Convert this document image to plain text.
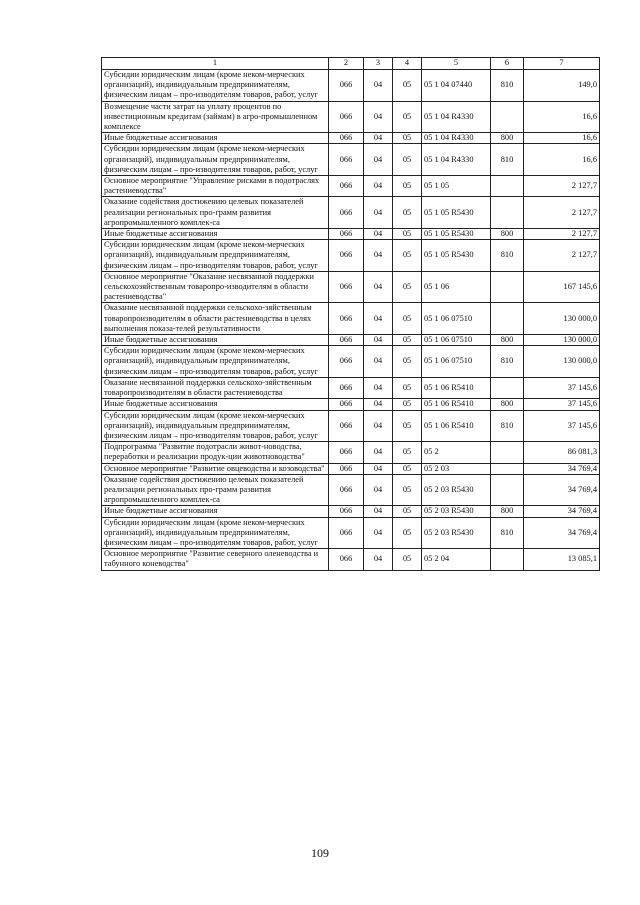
1	2	3	4	5	6	7
Субсидии юридическим лицам (кроме неком-мерческих организаций), индивидуальным предпринимателям, физическим лицам – про-изводителям товаров, работ, услуг	066	04	05	05 1 04 07440	810	149,0
Возмещение части затрат на уплату процентов по инвестиционным кредитам (займам) в агро-промышленном комплексе	066	04	05	05 1 04 R4330		16,6
Иные бюджетные ассигнования	066	04	05	05 1 04 R4330	800	16,6
Субсидии юридическим лицам (кроме неком-мерческих организаций), индивидуальным предпринимателям, физическим лицам – про-изводителям товаров, работ, услуг	066	04	05	05 1 04 R4330	810	16,6
Основное мероприятие "Управление рисками в подотраслях растениеводства"	066	04	05	05 1 05		2 127,7
Оказание содействия достижению целевых показателей реализации региональных про-грамм развития агропромышленного комплек-са	066	04	05	05 1 05 R5430		2 127,7
Иные бюджетные ассигнования	066	04	05	05 1 05 R5430	800	2 127,7
Субсидии юридическим лицам (кроме неком-мерческих организаций), индивидуальным предпринимателям, физическим лицам – про-изводителям товаров, работ, услуг	066	04	05	05 1 05 R5430	810	2 127,7
Основное мероприятие "Оказание несвязанной поддержки сельскохозяйственным товаропро-изводителям в области растениеводства"	066	04	05	05 1 06		167 145,6
Оказание несвязанной поддержки сельскохо-зяйственным товаропроизводителям в области растениеводства в целях выполнения показа-телей результативности	066	04	05	05 1 06 07510		130 000,0
Иные бюджетные ассигнования	066	04	05	05 1 06 07510	800	130 000,0
Субсидии юридическим лицам (кроме неком-мерческих организаций), индивидуальным предпринимателям, физическим лицам – про-изводителям товаров, работ, услуг	066	04	05	05 1 06 07510	810	130 000,0
Оказание несвязанной поддержки сельскохо-зяйственным товаропроизводителям в области растениеводства	066	04	05	05 1 06 R5410		37 145,6
Иные бюджетные ассигнования	066	04	05	05 1 06 R5410	800	37 145,6
Субсидии юридическим лицам (кроме неком-мерческих организаций), индивидуальным предпринимателям, физическим лицам – про-изводителям товаров, работ, услуг	066	04	05	05 1 06 R5410	810	37 145,6
Подпрограмма "Развитие подотрасли живот-новодства, переработки и реализации продук-ции животноводства"	066	04	05	05 2		86 081,3
Основное мероприятие "Развитие овцеводства и козоводства"	066	04	05	05 2 03		34 769,4
Оказание содействия достижению целевых показателей реализации региональных про-грамм развития агропромышленного комплек-са	066	04	05	05 2 03 R5430		34 769,4
Иные бюджетные ассигнования	066	04	05	05 2 03 R5430	800	34 769,4
Субсидии юридическим лицам (кроме неком-мерческих организаций), индивидуальным предпринимателям, физическим лицам – про-изводителям товаров, работ, услуг	066	04	05	05 2 03 R5430	810	34 769,4
Основное мероприятие "Развитие северного оленеводства и табунного коневодства"	066	04	05	05 2 04		13 085,1
109
